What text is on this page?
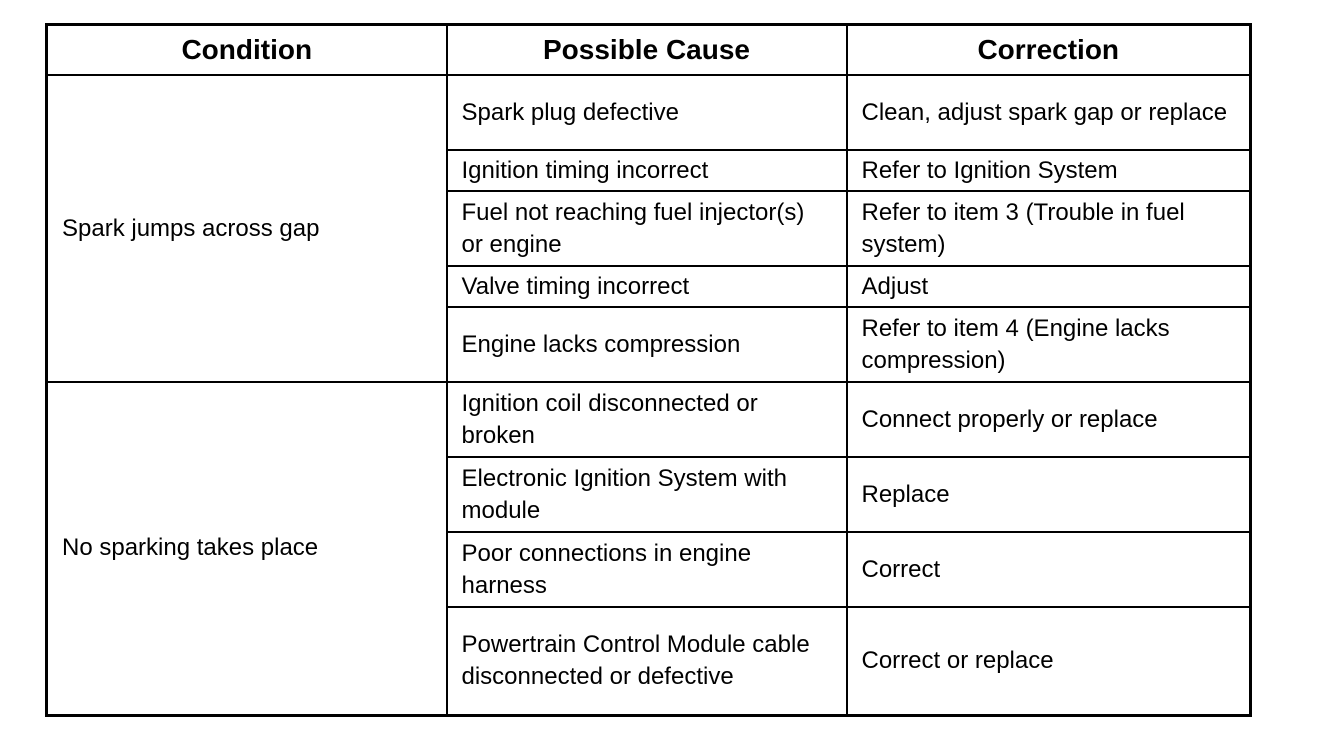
Condition	Possible Cause	Correction
Spark jumps across gap	Spark plug defective	Clean, adjust spark gap or replace
	Ignition timing incorrect	Refer to Ignition System
	Fuel not reaching fuel injector(s) or engine	Refer to item 3 (Trouble in fuel system)
	Valve timing incorrect	Adjust
	Engine lacks compression	Refer to item 4 (Engine lacks compression)
No sparking takes place	Ignition coil disconnected or broken	Connect properly or replace
	Electronic Ignition System with module	Replace
	Poor connections in engine harness	Correct
	Powertrain Control Module cable disconnected or defective	Correct or replace
